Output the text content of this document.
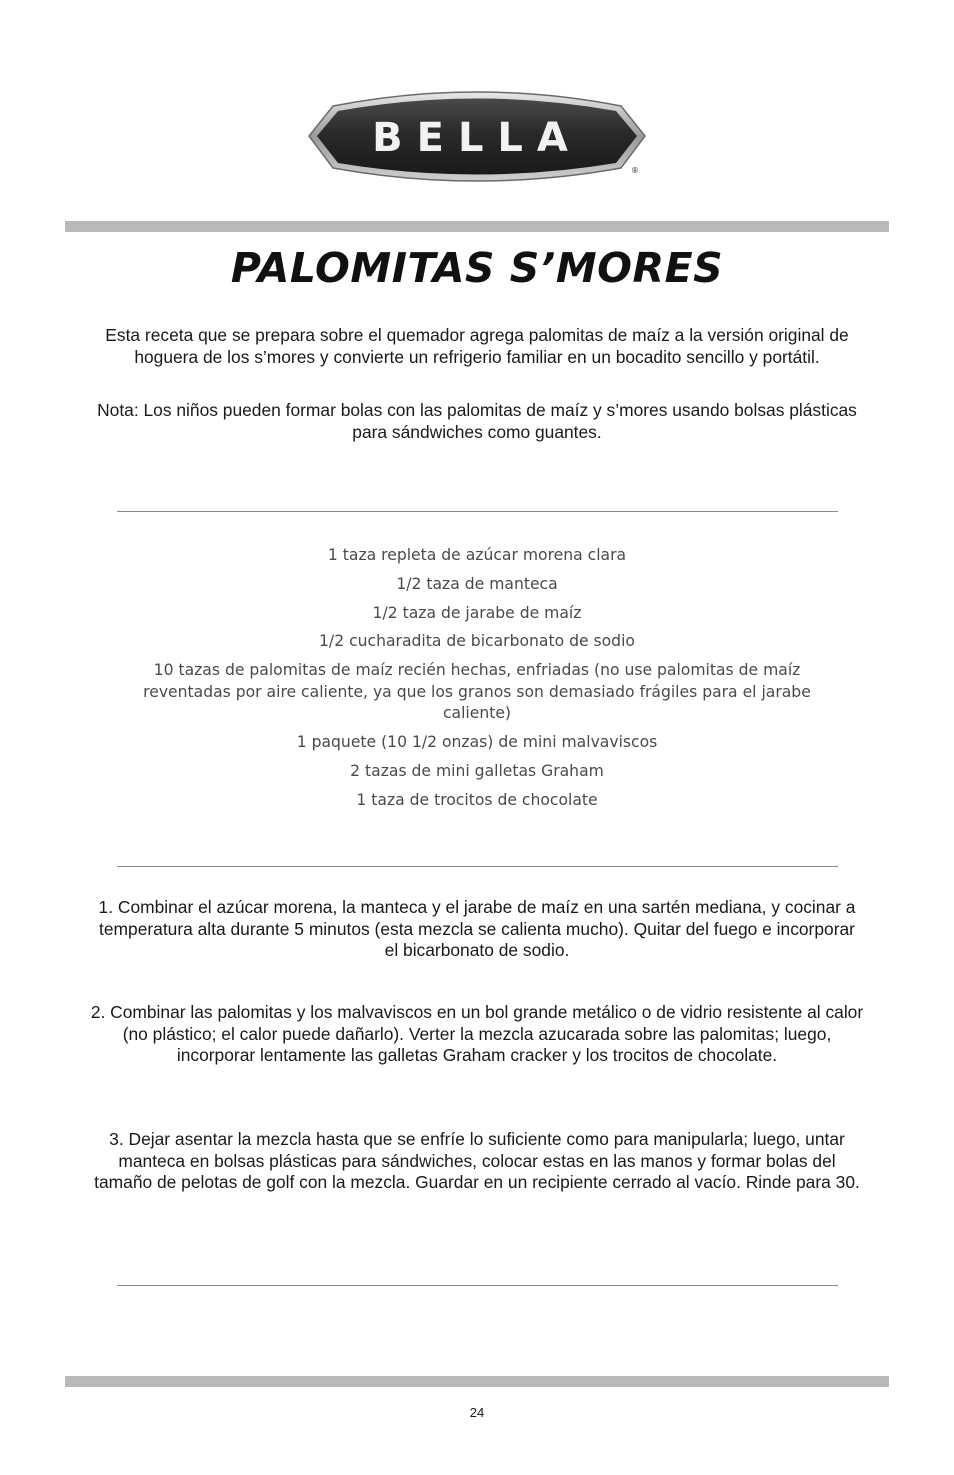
BELLA
®
PALOMITAS S’MORES

Esta receta que se prepara sobre el quemador agrega palomitas de maíz a la versión original de hoguera de los s’mores y convierte un refrigerio familiar en un bocadito sencillo y portátil.

Nota: Los niños pueden formar bolas con las palomitas de maíz y s’mores usando bolsas plásticas para sándwiches como guantes.

1 taza repleta de azúcar morena clara
1/2 taza de manteca
1/2 taza de jarabe de maíz
1/2 cucharadita de bicarbonato de sodio
10 tazas de palomitas de maíz recién hechas, enfriadas (no use palomitas de maíz reventadas por aire caliente, ya que los granos son demasiado frágiles para el jarabe caliente)
1 paquete (10 1/2 onzas) de mini malvaviscos
2 tazas de mini galletas Graham
1 taza de trocitos de chocolate

1. Combinar el azúcar morena, la manteca y el jarabe de maíz en una sartén mediana, y cocinar a temperatura alta durante 5 minutos (esta mezcla se calienta mucho). Quitar del fuego e incorporar el bicarbonato de sodio.

2. Combinar las palomitas y los malvaviscos en un bol grande metálico o de vidrio resistente al calor (no plástico; el calor puede dañarlo). Verter la mezcla azucarada sobre las palomitas; luego, incorporar lentamente las galletas Graham cracker y los trocitos de chocolate.

3. Dejar asentar la mezcla hasta que se enfríe lo suficiente como para manipularla; luego, untar manteca en bolsas plásticas para sándwiches, colocar estas en las manos y formar bolas del tamaño de pelotas de golf con la mezcla. Guardar en un recipiente cerrado al vacío. Rinde para 30.

24
